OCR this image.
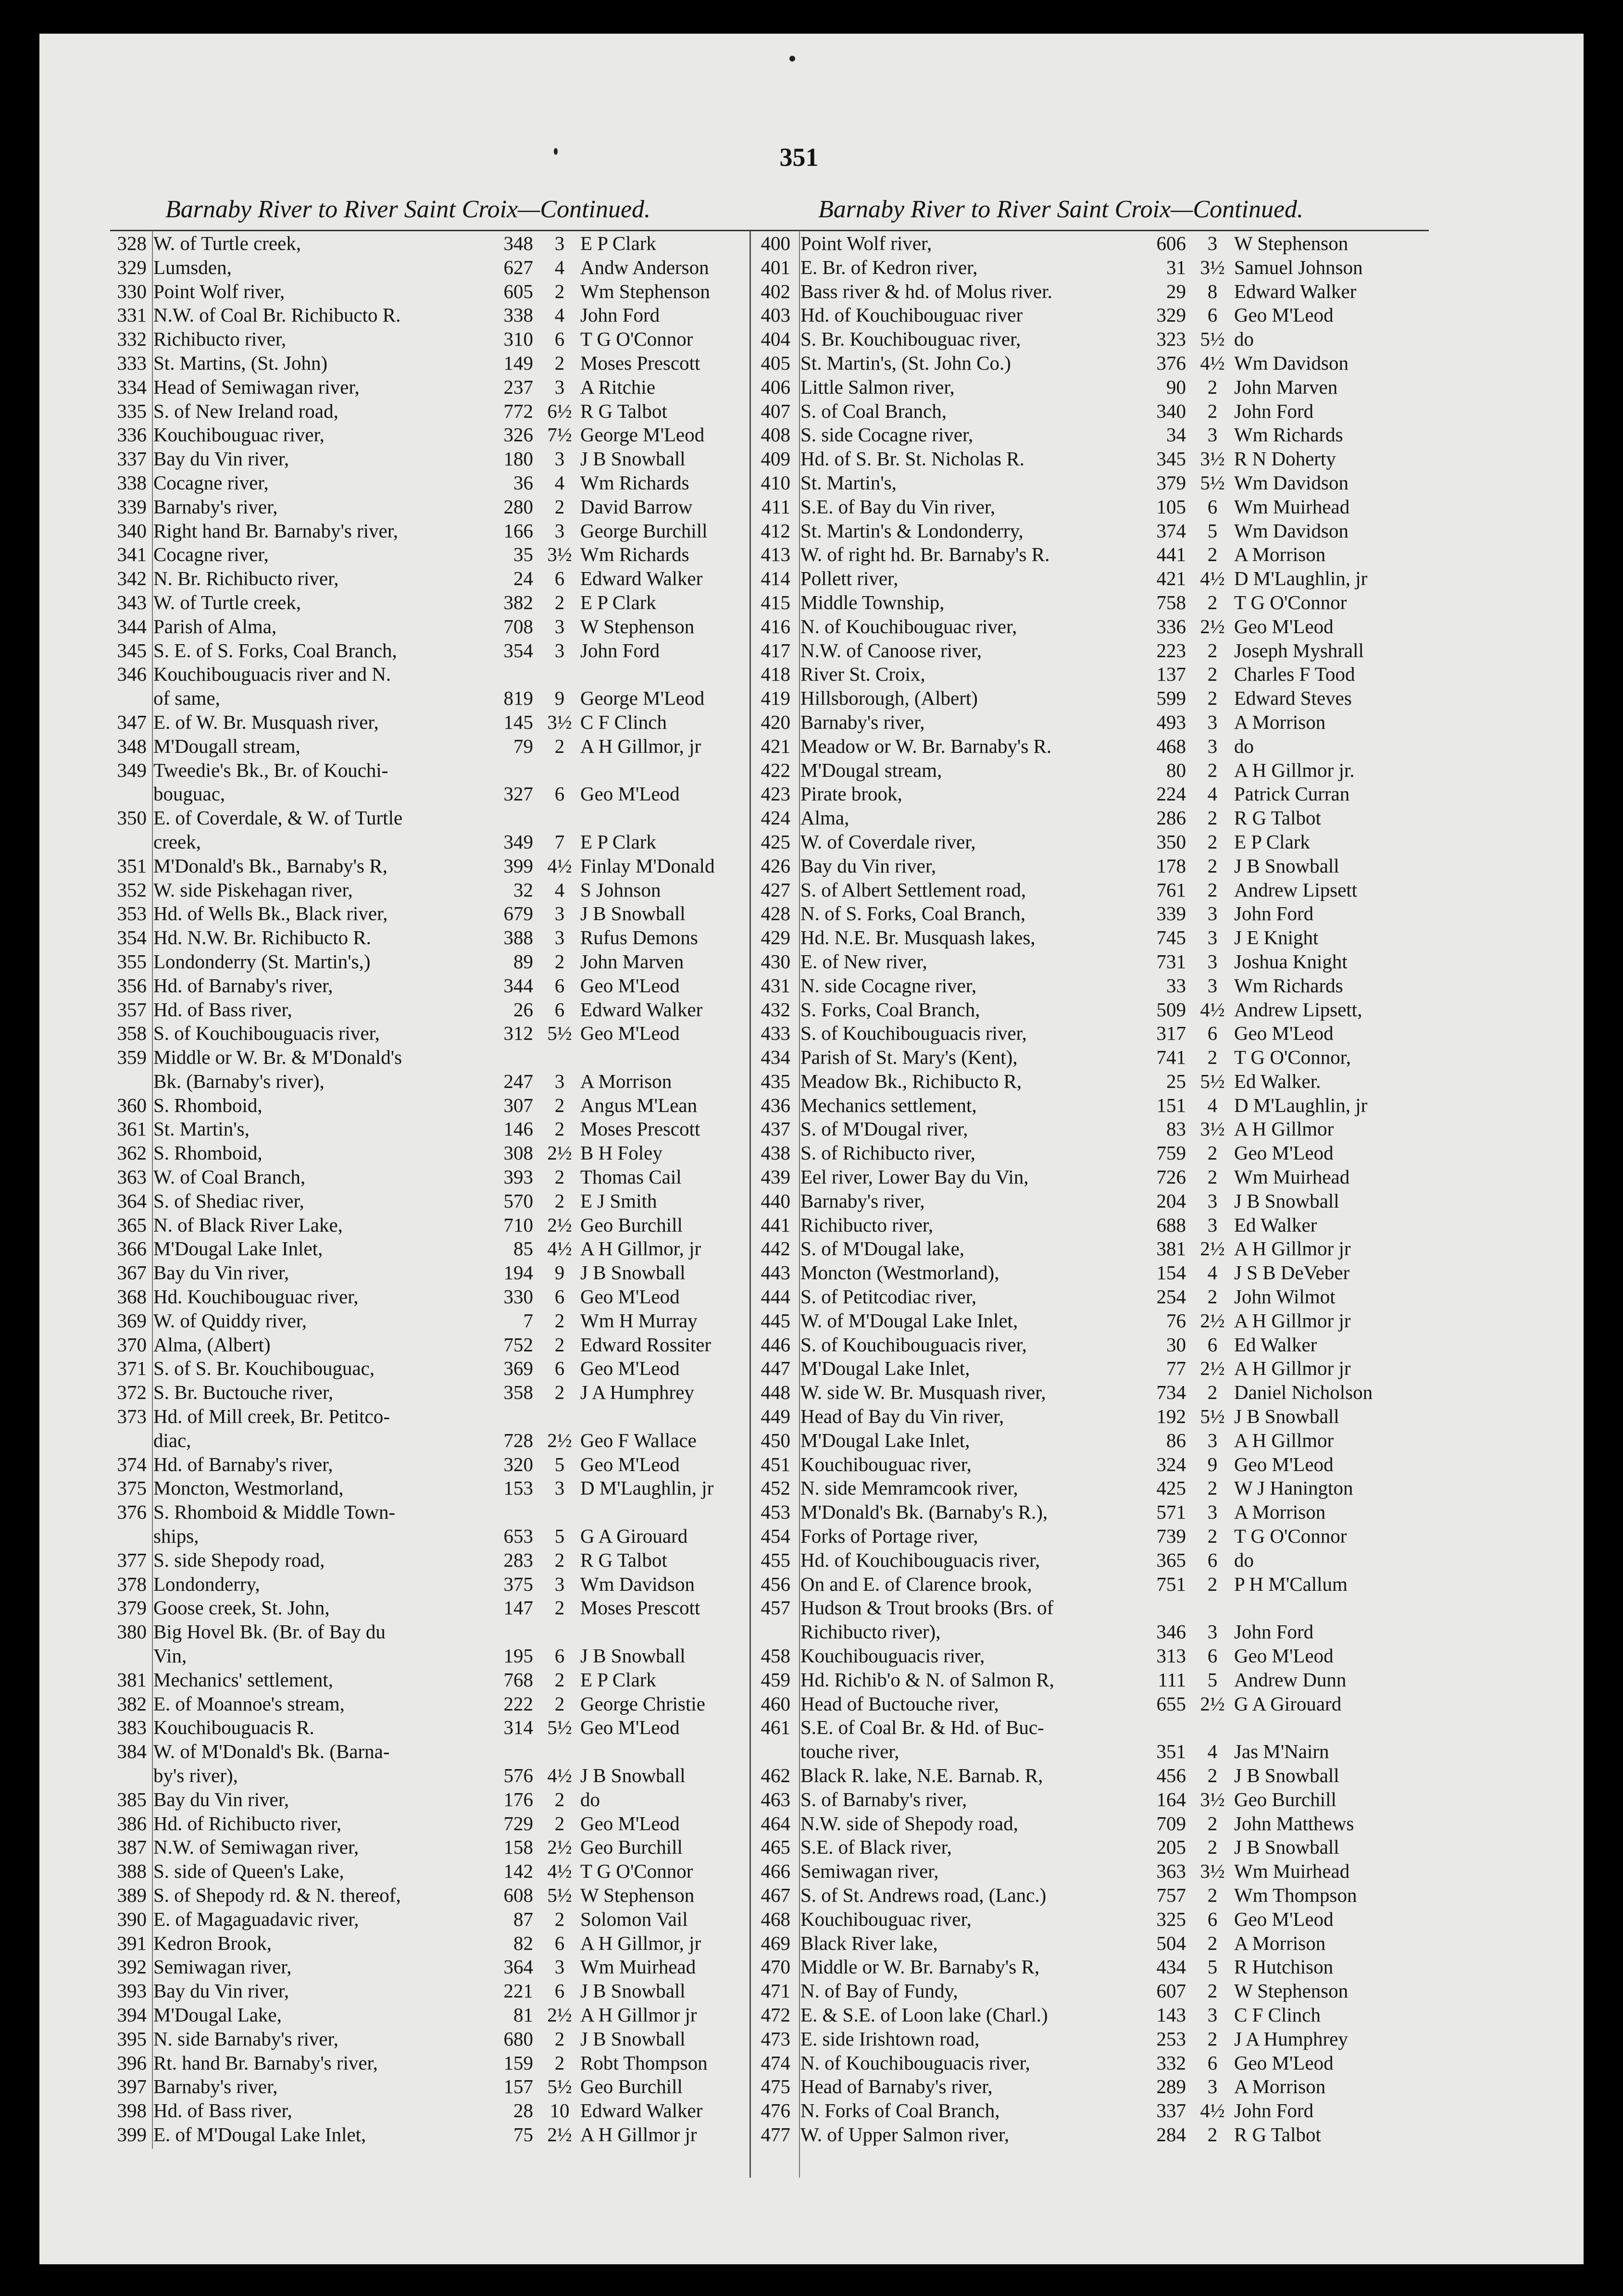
351
Barnaby River to River Saint Croix—Continued.	Barnaby River to River Saint Croix—Continued.
328 W. of Turtle creek,	348	3 E P Clark
329 Lumsden,	627	4 Andw Anderson
330 Point Wolf river,	605	2 Wm Stephenson
331 N.W. of Coal Br. Richibucto R.	338	4 John Ford
332 Richibucto river,	310	6 T G O'Connor
333 St. Martins, (St. John)	149	2 Moses Prescott
334 Head of Semiwagan river,	237	3 A Ritchie
335 S. of New Ireland road,	772 6½ R G Talbot
336 Kouchibouguac river,	326 7½ George M'Leod
337 Bay du Vin river,	180	3 J B Snowball
338 Cocagne river,	36	4 Wm Richards
339 Barnaby's river,	280	2 David Barrow
340 Right hand Br. Barnaby's river,	166	3 George Burchill
341 Cocagne river,	35 3½ Wm Richards
342 N. Br. Richibucto river,	24	6 Edward Walker
343 W. of Turtle creek,	382	2 E P Clark
344 Parish of Alma,	708	3 W Stephenson
345 S. E. of S. Forks, Coal Branch,	354	3 John Ford
346 Kouchibouguacis river and N.
of same,	819	9 George M'Leod
347 E. of W. Br. Musquash river,	145 3½ C F Clinch
348 M'Dougall stream,	79	2 A H Gillmor, jr
349 Tweedie's Bk., Br. of Kouchi-
bouguac,	327	6 Geo M'Leod
350 E. of Coverdale, & W. of Turtle
creek,	349	7 E P Clark
351 M'Donald's Bk., Barnaby's R,	399 4½ Finlay M'Donald
352 W. side Piskehagan river,	32	4 S Johnson
353 Hd. of Wells Bk., Black river,	679	3 J B Snowball
354 Hd. N.W. Br. Richibucto R.	388	3 Rufus Demons
355 Londonderry (St. Martin's,)	89	2 John Marven
356 Hd. of Barnaby's river,	344	6 Geo M'Leod
357 Hd. of Bass river,	26	6 Edward Walker
358 S. of Kouchibouguacis river,	312 5½ Geo M'Leod
359 Middle or W. Br. & M'Donald's
Bk. (Barnaby's river),	247	3 A Morrison
360 S. Rhomboid,	307	2 Angus M'Lean
361 St. Martin's,	146	2 Moses Prescott
362 S. Rhomboid,	308 2½ B H Foley
363 W. of Coal Branch,	393	2 Thomas Cail
364 S. of Shediac river,	570	2 E J Smith
365 N. of Black River Lake,	710 2½ Geo Burchill
366 M'Dougal Lake Inlet,	85 4½ A H Gillmor, jr
367 Bay du Vin river,	194	9 J B Snowball
368 Hd. Kouchibouguac river,	330	6 Geo M'Leod
369 W. of Quiddy river,	7	2 Wm H Murray
370 Alma, (Albert)	752	2 Edward Rossiter
371 S. of S. Br. Kouchibouguac,	369	6 Geo M'Leod
372 S. Br. Buctouche river,	358	2 J A Humphrey
373 Hd. of Mill creek, Br. Petitco-
diac,	728 2½ Geo F Wallace
374 Hd. of Barnaby's river,	320	5 Geo M'Leod
375 Moncton, Westmorland,	153	3 D M'Laughlin, jr
376 S. Rhomboid & Middle Town-
ships,	653	5 G A Girouard
377 S. side Shepody road,	283	2 R G Talbot
378 Londonderry,	375	3 Wm Davidson
379 Goose creek, St. John,	147	2 Moses Prescott
380 Big Hovel Bk. (Br. of Bay du
Vin,	195	6 J B Snowball
381 Mechanics' settlement,	768	2 E P Clark
382 E. of Moannoe's stream,	222	2 George Christie
383 Kouchibouguacis R.	314 5½ Geo M'Leod
384 W. of M'Donald's Bk. (Barna-
by's river),	576 4½ J B Snowball
385 Bay du Vin river,	176	2 do
386 Hd. of Richibucto river,	729	2 Geo M'Leod
387 N.W. of Semiwagan river,	158 2½ Geo Burchill
388 S. side of Queen's Lake,	142 4½ T G O'Connor
389 S. of Shepody rd. & N. thereof,	608 5½ W Stephenson
390 E. of Magaguadavic river,	87	2 Solomon Vail
391 Kedron Brook,	82	6 A H Gillmor, jr
392 Semiwagan river,	364	3 Wm Muirhead
393 Bay du Vin river,	221	6 J B Snowball
394 M'Dougal Lake,	81 2½ A H Gillmor jr
395 N. side Barnaby's river,	680	2 J B Snowball
396 Rt. hand Br. Barnaby's river,	159	2 Robt Thompson
397 Barnaby's river,	157 5½ Geo Burchill
398 Hd. of Bass river,	28 10 Edward Walker
399 E. of M'Dougal Lake Inlet,	75 2½ A H Gillmor jr
400 Point Wolf river,	606	3 W Stephenson
401 E. Br. of Kedron river,	31 3½ Samuel Johnson
402 Bass river & hd. of Molus river.	29	8 Edward Walker
403 Hd. of Kouchibouguac river	329	6 Geo M'Leod
404 S. Br. Kouchibouguac river,	323 5½ do
405 St. Martin's, (St. John Co.)	376 4½ Wm Davidson
406 Little Salmon river,	90	2 John Marven
407 S. of Coal Branch,	340	2 John Ford
408 S. side Cocagne river,	34	3 Wm Richards
409 Hd. of S. Br. St. Nicholas R.	345 3½ R N Doherty
410 St. Martin's,	379 5½ Wm Davidson
411 S.E. of Bay du Vin river,	105	6 Wm Muirhead
412 St. Martin's & Londonderry,	374	5 Wm Davidson
413 W. of right hd. Br. Barnaby's R.	441	2 A Morrison
414 Pollett river,	421 4½ D M'Laughlin, jr
415 Middle Township,	758	2 T G O'Connor
416 N. of Kouchibouguac river,	336 2½ Geo M'Leod
417 N.W. of Canoose river,	223	2 Joseph Myshrall
418 River St. Croix,	137	2 Charles F Tood
419 Hillsborough, (Albert)	599	2 Edward Steves
420 Barnaby's river,	493	3 A Morrison
421 Meadow or W. Br. Barnaby's R.	468	3 do
422 M'Dougal stream,	80	2 A H Gillmor jr.
423 Pirate brook,	224	4 Patrick Curran
424 Alma,	286	2 R G Talbot
425 W. of Coverdale river,	350	2 E P Clark
426 Bay du Vin river,	178	2 J B Snowball
427 S. of Albert Settlement road,	761	2 Andrew Lipsett
428 N. of S. Forks, Coal Branch,	339	3 John Ford
429 Hd. N.E. Br. Musquash lakes,	745	3 J E Knight
430 E. of New river,	731	3 Joshua Knight
431 N. side Cocagne river,	33	3 Wm Richards
432 S. Forks, Coal Branch,	509 4½ Andrew Lipsett,
433 S. of Kouchibouguacis river,	317	6 Geo M'Leod
434 Parish of St. Mary's (Kent),	741	2 T G O'Connor,
435 Meadow Bk., Richibucto R,	25 5½ Ed Walker.
436 Mechanics settlement,	151	4 D M'Laughlin, jr
437 S. of M'Dougal river,	83 3½ A H Gillmor
438 S. of Richibucto river,	759	2 Geo M'Leod
439 Eel river, Lower Bay du Vin,	726	2 Wm Muirhead
440 Barnaby's river,	204	3 J B Snowball
441 Richibucto river,	688	3 Ed Walker
442 S. of M'Dougal lake,	381 2½ A H Gillmor jr
443 Moncton (Westmorland),	154	4 J S B DeVeber
444 S. of Petitcodiac river,	254	2 John Wilmot
445 W. of M'Dougal Lake Inlet,	76 2½ A H Gillmor jr
446 S. of Kouchibouguacis river,	30	6 Ed Walker
447 M'Dougal Lake Inlet,	77 2½ A H Gillmor jr
448 W. side W. Br. Musquash river,	734	2 Daniel Nicholson
449 Head of Bay du Vin river,	192 5½ J B Snowball
450 M'Dougal Lake Inlet,	86	3 A H Gillmor
451 Kouchibouguac river,	324	9 Geo M'Leod
452 N. side Memramcook river,	425	2 W J Hanington
453 M'Donald's Bk. (Barnaby's R.),	571	3 A Morrison
454 Forks of Portage river,	739	2 T G O'Connor
455 Hd. of Kouchibouguacis river,	365	6 do
456 On and E. of Clarence brook,	751	2 P H M'Callum
457 Hudson & Trout brooks (Brs. of
Richibucto river),	346	3 John Ford
458 Kouchibouguacis river,	313	6 Geo M'Leod
459 Hd. Richib'o & N. of Salmon R,	111	5 Andrew Dunn
460 Head of Buctouche river,	655 2½ G A Girouard
461 S.E. of Coal Br. & Hd. of Buc-
touche river,	351	4 Jas M'Nairn
462 Black R. lake, N.E. Barnab. R,	456	2 J B Snowball
463 S. of Barnaby's river,	164 3½ Geo Burchill
464 N.W. side of Shepody road,	709	2 John Matthews
465 S.E. of Black river,	205	2 J B Snowball
466 Semiwagan river,	363 3½ Wm Muirhead
467 S. of St. Andrews road, (Lanc.)	757	2 Wm Thompson
468 Kouchibouguac river,	325	6 Geo M'Leod
469 Black River lake,	504	2 A Morrison
470 Middle or W. Br. Barnaby's R,	434	5 R Hutchison
471 N. of Bay of Fundy,	607	2 W Stephenson
472 E. & S.E. of Loon lake (Charl.)	143	3 C F Clinch
473 E. side Irishtown road,	253	2 J A Humphrey
474 N. of Kouchibouguacis river,	332	6 Geo M'Leod
475 Head of Barnaby's river,	289	3 A Morrison
476 N. Forks of Coal Branch,	337 4½ John Ford
477 W. of Upper Salmon river,	284	2 R G Talbot
